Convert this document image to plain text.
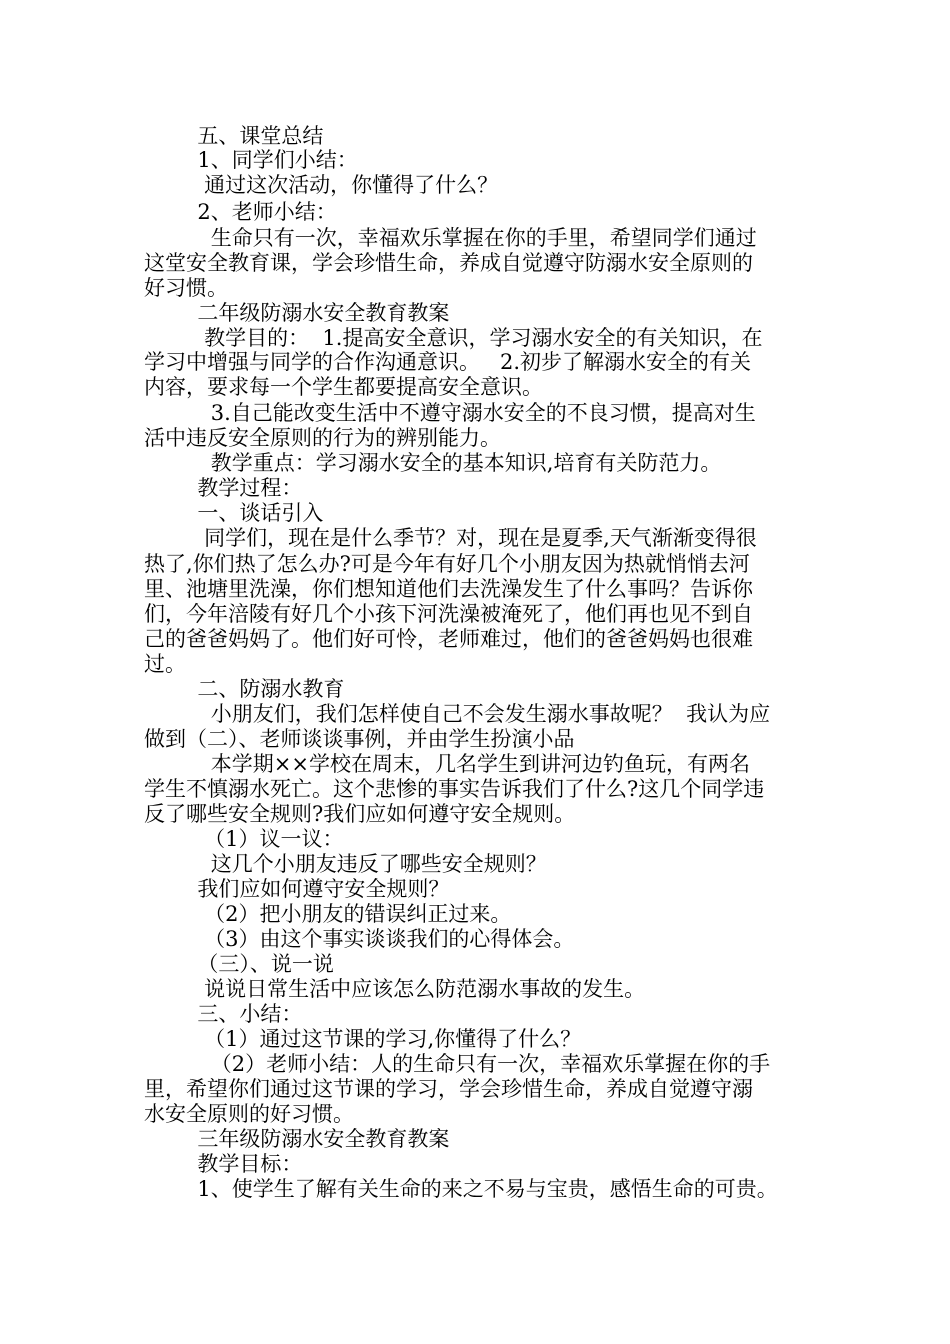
五、课堂总结
1、同学们小结：
通过这次活动，你懂得了什么？
2、老师小结：
生命只有一次，幸福欢乐掌握在你的手里，希望同学们通过
这堂安全教育课，学会珍惜生命，养成自觉遵守防溺水安全原则的
好习惯。
二年级防溺水安全教育教案
教学目的：  1.提高安全意识，学习溺水安全的有关知识，在
学习中增强与同学的合作沟通意识。   2.初步了解溺水安全的有关
内容，要求每一个学生都要提高安全意识。
3.自己能改变生活中不遵守溺水安全的不良习惯，提高对生
活中违反安全原则的行为的辨别能力。
教学重点：学习溺水安全的基本知识,培育有关防范力。
教学过程：
一、谈话引入
同学们，现在是什么季节？对，现在是夏季,天气渐渐变得很
热了,你们热了怎么办?可是今年有好几个小朋友因为热就悄悄去河
里、池塘里洗澡，你们想知道他们去洗澡发生了什么事吗？告诉你
们，今年涪陵有好几个小孩下河洗澡被淹死了，他们再也见不到自
己的爸爸妈妈了。他们好可怜，老师难过，他们的爸爸妈妈也很难
过。
二、防溺水教育
小朋友们，我们怎样使自己不会发生溺水事故呢？  我认为应
做到（二）、老师谈谈事例，并由学生扮演小品
本学期××学校在周末，几名学生到讲河边钓鱼玩，有两名
学生不慎溺水死亡。这个悲惨的事实告诉我们了什么?这几个同学违
反了哪些安全规则?我们应如何遵守安全规则。
（1）议一议：
这几个小朋友违反了哪些安全规则？
我们应如何遵守安全规则？
（2）把小朋友的错误纠正过来。
（3）由这个事实谈谈我们的心得体会。
（三）、说一说
说说日常生活中应该怎么防范溺水事故的发生。
三、小结：
（1）通过这节课的学习,你懂得了什么？
（2）老师小结：人的生命只有一次，幸福欢乐掌握在你的手
里，希望你们通过这节课的学习，学会珍惜生命，养成自觉遵守溺
水安全原则的好习惯。
三年级防溺水安全教育教案
教学目标：
1、使学生了解有关生命的来之不易与宝贵，感悟生命的可贵。
